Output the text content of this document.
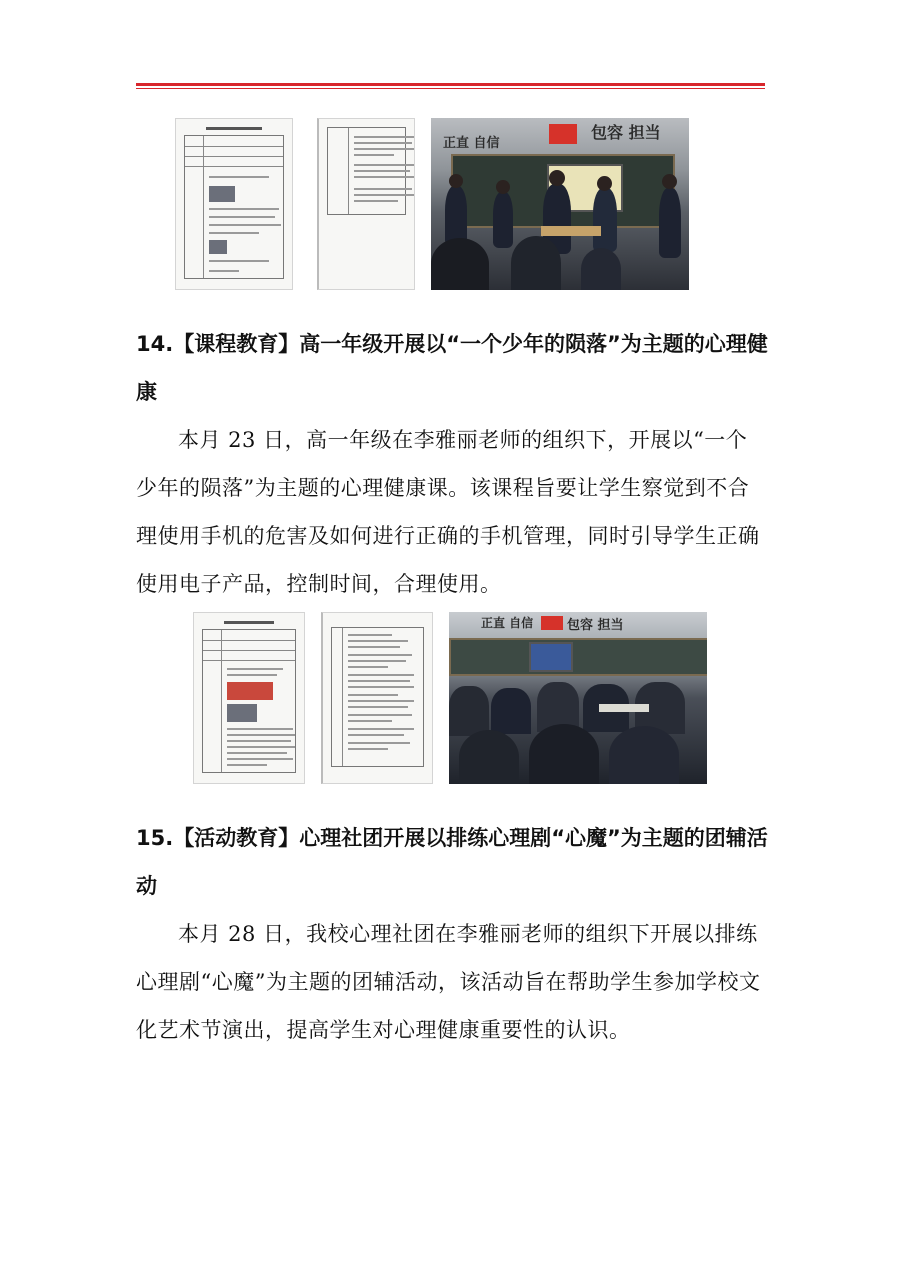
正直 自信
包容 担当
14.【课程教育】高一年级开展以“一个少年的陨落”为主题的心理健康

本月 23 日，高一年级在李雅丽老师的组织下，开展以“一个少年的陨落”为主题的心理健康课。该课程旨要让学生察觉到不合理使用手机的危害及如何进行正确的手机管理，同时引导学生正确使用电子产品，控制时间，合理使用。

正直 自信	包容 担当
15.【活动教育】心理社团开展以排练心理剧“心魔”为主题的团辅活动

本月 28 日，我校心理社团在李雅丽老师的组织下开展以排练心理剧“心魔”为主题的团辅活动，该活动旨在帮助学生参加学校文化艺术节演出，提高学生对心理健康重要性的认识。
